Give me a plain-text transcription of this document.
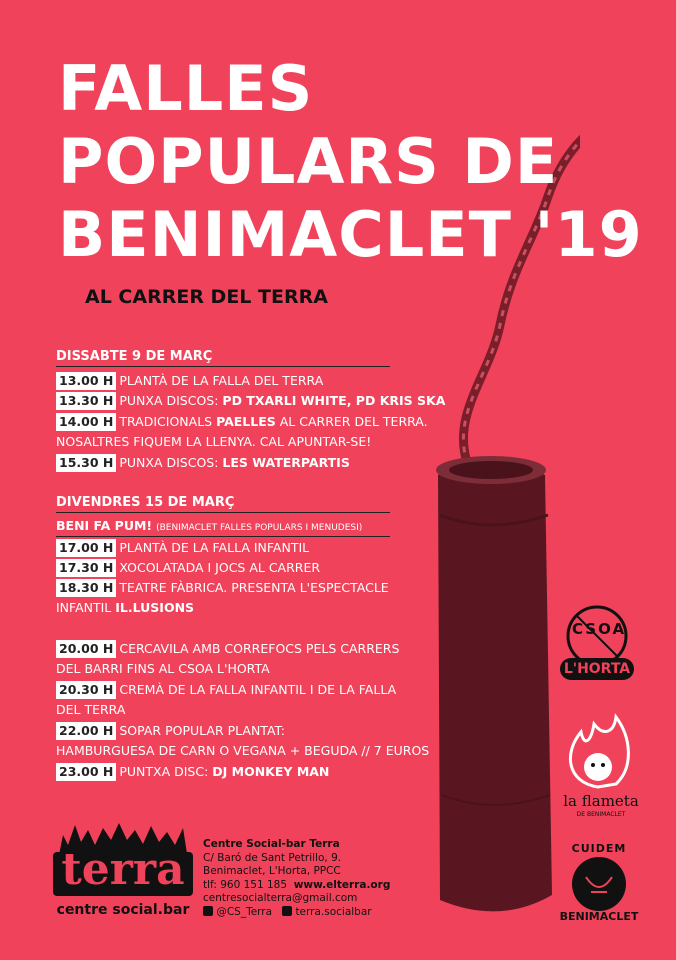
FALLES
POPULARS DE
BENIMACLET '19
AL CARRER DEL TERRA
DISSABTE 9 DE MARÇ
13.00 H PLANTÀ DE LA FALLA DEL TERRA
13.30 H PUNXA DISCOS: PD TXARLI WHITE, PD KRIS SKA
14.00 H TRADICIONALS PAELLES AL CARRER DEL TERRA.
NOSALTRES FIQUEM LA LLENYA. CAL APUNTAR-SE!
15.30 H PUNXA DISCOS: LES WATERPARTIS
DIVENDRES 15 DE MARÇ
BENI FA PUM! (BENIMACLET FALLES POPULARS I MENUDESI)
17.00 H PLANTÀ DE LA FALLA INFANTIL
17.30 H XOCOLATADA I JOCS AL CARRER
18.30 H TEATRE FÀBRICA. PRESENTA L'ESPECTACLE
INFANTIL IL.LUSIONS
20.00 H CERCAVILA AMB CORREFOCS PELS CARRERS
DEL BARRI FINS AL CSOA L'HORTA
20.30 H CREMÀ DE LA FALLA INFANTIL I DE LA FALLA
DEL TERRA
22.00 H SOPAR POPULAR PLANTAT:
HAMBURGUESA DE CARN O VEGANA + BEGUDA // 7 EUROS
23.00 H PUNTXA DISC: DJ MONKEY MAN
CSOA
L'HORTA
la flameta
DE BENIMACLET
CUIDEM
BENIMACLET
terra
centre social.bar
Centre Social-bar Terra
C/ Baró de Sant Petrillo, 9.
Benimaclet, L'Horta, PPCC
tlf: 960 151 185 www.elterra.org
centresocialterra@gmail.com
@CS_Terra terra.socialbar
